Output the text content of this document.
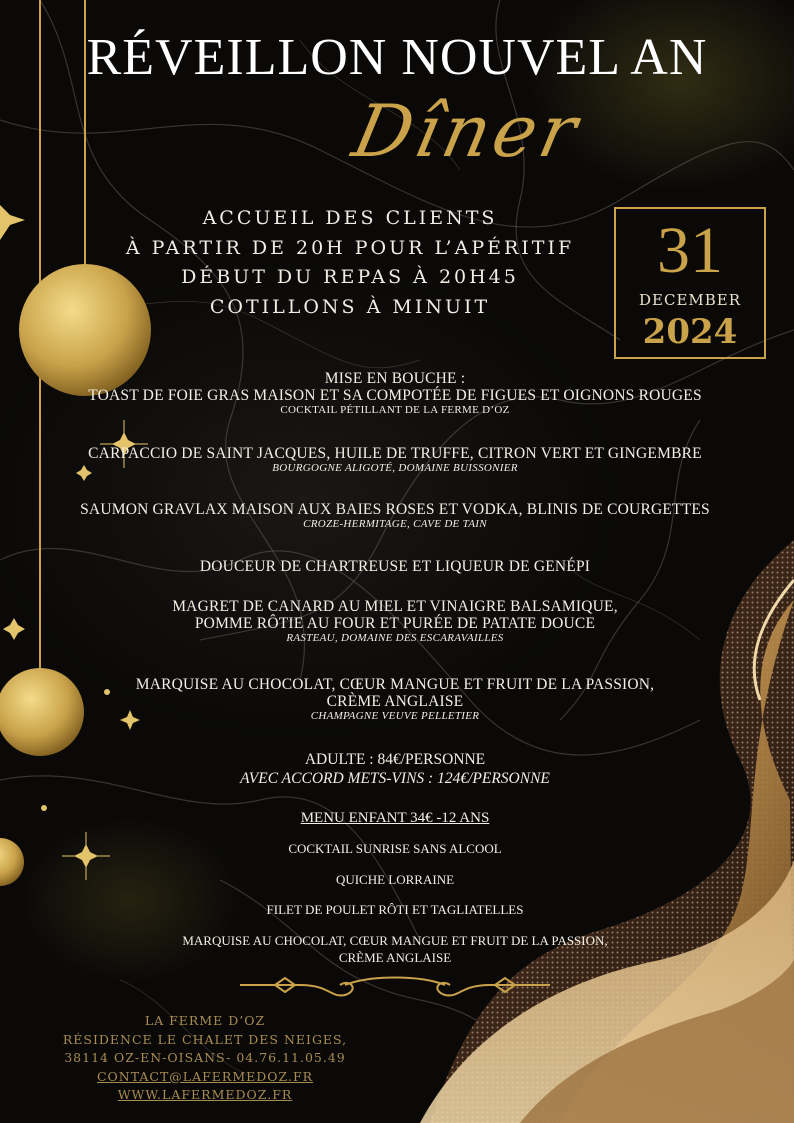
RÉVEILLON NOUVEL AN
Dîner
ACCUEIL DES CLIENTS
À PARTIR DE 20H POUR L’APÉRITIF
DÉBUT DU REPAS À 20H45
COTILLONS À MINUIT
31
DECEMBER
2024
MISE EN BOUCHE :
TOAST DE FOIE GRAS MAISON ET SA COMPOTÉE DE FIGUES ET OIGNONS ROUGES
COCKTAIL PÉTILLANT DE LA FERME D’OZ
CARPACCIO DE SAINT JACQUES, HUILE DE TRUFFE, CITRON VERT ET GINGEMBRE
BOURGOGNE ALIGOTÉ, DOMAINE BUISSONIER
SAUMON GRAVLAX MAISON AUX BAIES ROSES ET VODKA, BLINIS DE COURGETTES
CROZE-HERMITAGE, CAVE DE TAIN
DOUCEUR DE CHARTREUSE ET LIQUEUR DE GENÉPI
MAGRET DE CANARD AU MIEL ET VINAIGRE BALSAMIQUE,
POMME RÔTIE AU FOUR ET PURÉE DE PATATE DOUCE
RASTEAU, DOMAINE DES ESCARAVAILLES
MARQUISE AU CHOCOLAT, CŒUR MANGUE ET FRUIT DE LA PASSION,
CRÈME ANGLAISE
CHAMPAGNE VEUVE PELLETIER
ADULTE : 84€/PERSONNE
AVEC ACCORD METS-VINS : 124€/PERSONNE
MENU ENFANT 34€ -12 ANS
COCKTAIL SUNRISE SANS ALCOOL
QUICHE LORRAINE
FILET DE POULET RÔTI ET TAGLIATELLES
MARQUISE AU CHOCOLAT, CŒUR MANGUE ET FRUIT DE LA PASSION,
CRÈME ANGLAISE
LA FERME D’OZ
RÉSIDENCE LE CHALET DES NEIGES,
38114 OZ-EN-OISANS- 04.76.11.05.49
CONTACT@LAFERMEDOZ.FR
WWW.LAFERMEDOZ.FR
